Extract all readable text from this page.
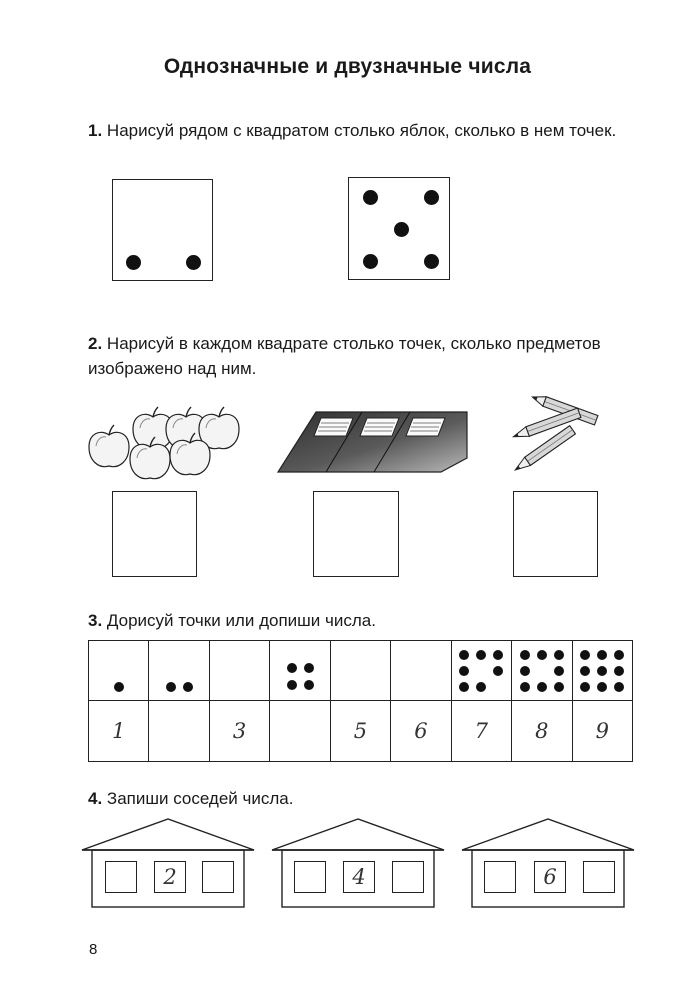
Однозначные и двузначные числа
1. Нарисуй рядом с квадратом столько яблок, сколько в нем точек.
2. Нарисуй в каждом квадрате столько точек, сколько предметов изображено над ним.
3. Дорисуй точки или допиши числа.

1		3		5	6	7	8	9
4. Запиши соседей числа.
2	4	6
8
